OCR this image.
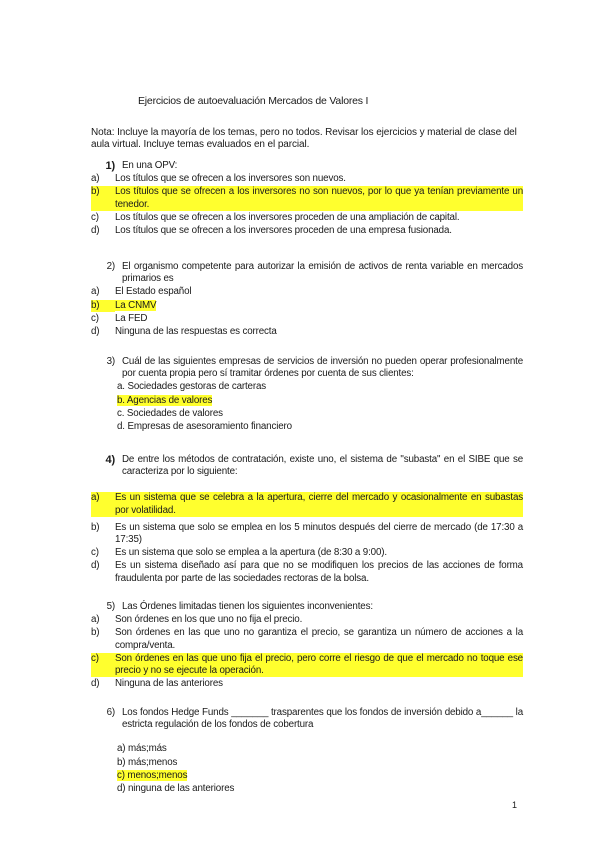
Ejercicios de autoevaluación Mercados de Valores I
Nota: Incluye la mayoría de los temas, pero no todos. Revisar los ejercicios y material de clase del aula virtual. Incluye temas evaluados en el parcial.
1) En una OPV:
a)	Los títulos que se ofrecen a los inversores son nuevos.
b)	Los títulos que se ofrecen a los inversores no son nuevos, por lo que ya tenían previamente un tenedor.
c)	Los títulos que se ofrecen a los inversores proceden de una ampliación de capital.
d)	Los títulos que se ofrecen a los inversores proceden de una empresa fusionada.
2) El organismo competente para autorizar la emisión de activos de renta variable en mercados primarios es
a)	El Estado español
b)	La CNMV
c)	La FED
d)	Ninguna de las respuestas es correcta
3) Cuál de las siguientes empresas de servicios de inversión no pueden operar profesionalmente por cuenta propia pero sí tramitar órdenes por cuenta de sus clientes:
a. Sociedades gestoras de carteras
b. Agencias de valores
c. Sociedades de valores
d. Empresas de asesoramiento financiero
4) De entre los métodos de contratación, existe uno, el sistema de "subasta" en el SIBE que se caracteriza por lo siguiente:
a)	Es un sistema que se celebra a la apertura, cierre del mercado y ocasionalmente en subastas por volatilidad.
b)	Es un sistema que solo se emplea en los 5 minutos después del cierre de mercado (de 17:30 a 17:35)
c)	Es un sistema que solo se emplea a la apertura (de 8:30 a 9:00).
d)	Es un sistema diseñado así para que no se modifiquen los precios de las acciones de forma fraudulenta por parte de las sociedades rectoras de la bolsa.
5) Las Órdenes limitadas tienen los siguientes inconvenientes:
a)	Son órdenes en los que uno no fija el precio.
b)	Son órdenes en las que uno no garantiza el precio, se garantiza un número de acciones a la compra/venta.
c)	Son órdenes en las que uno fija el precio, pero corre el riesgo de que el mercado no toque ese precio y no se ejecute la operación.
d)	Ninguna de las anteriores
6) Los fondos Hedge Funds _______ trasparentes que los fondos de inversión debido a______ la estricta regulación de los fondos de cobertura
a) más;más
b) más;menos
c) menos;menos
d) ninguna de las anteriores
1
